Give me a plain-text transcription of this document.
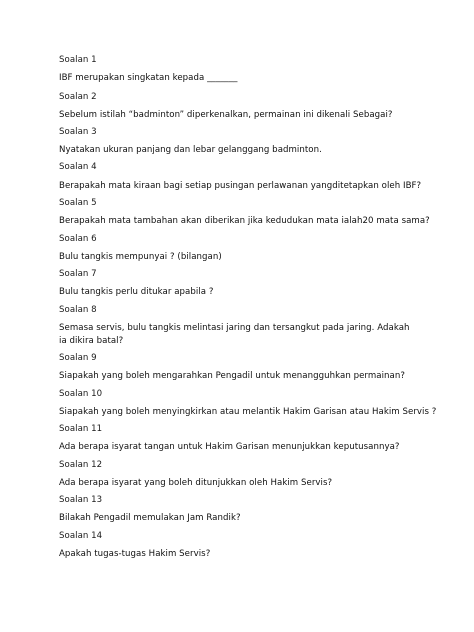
Soalan 1
IBF merupakan singkatan kepada _______
Soalan 2
Sebelum istilah “badminton” diperkenalkan, permainan ini dikenali Sebagai?
Soalan 3
Nyatakan ukuran panjang dan lebar gelanggang badminton.
Soalan 4
Berapakah mata kiraan bagi setiap pusingan perlawanan yangditetapkan oleh IBF?
Soalan 5
Berapakah mata tambahan akan diberikan jika kedudukan mata ialah20 mata sama?
Soalan 6
Bulu tangkis mempunyai ? (bilangan)
Soalan 7
Bulu tangkis perlu ditukar apabila ?
Soalan 8
Semasa servis, bulu tangkis melintasi jaring dan tersangkut pada jaring. Adakah ia dikira batal?
Soalan 9
Siapakah yang boleh mengarahkan Pengadil untuk menangguhkan permainan?
Soalan 10
Siapakah yang boleh menyingkirkan atau melantik Hakim Garisan atau Hakim Servis ?
Soalan 11
Ada berapa isyarat tangan untuk Hakim Garisan menunjukkan keputusannya?
Soalan 12
Ada berapa isyarat yang boleh ditunjukkan oleh Hakim Servis?
Soalan 13
Bilakah Pengadil memulakan Jam Randik?
Soalan 14
Apakah tugas-tugas Hakim Servis?
